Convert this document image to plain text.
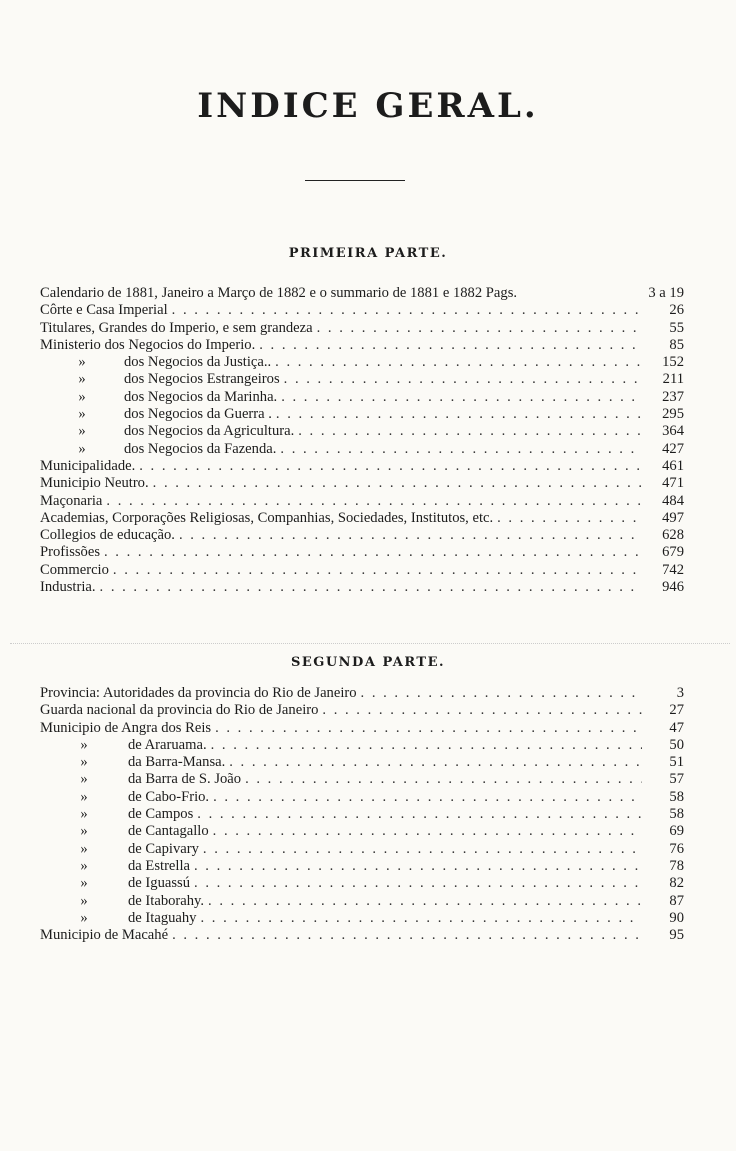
INDICE GERAL.
PRIMEIRA PARTE.
Calendario de 1881, Janeiro a Março de 1882 e o summario de 1881 e 1882 Pags.	3 a 19
Côrte e Casa Imperial . . .	26
Titulares, Grandes do Imperio, e sem grandeza . . .	55
Ministerio dos Negocios do Imperio. . . .	85
»	dos Negocios da Justiça.. . . .	152
»	dos Negocios Estrangeiros . . .	211
»	dos Negocios da Marinha. . . .	237
»	dos Negocios da Guerra . . . .	295
»	dos Negocios da Agricultura. . . .	364
»	dos Negocios da Fazenda. . . .	427
Municipalidade. . . .	461
Municipio Neutro. . . .	471
Maçonaria . . .	484
Academias, Corporações Religiosas, Companhias, Sociedades, Institutos, etc. . . .	497
Collegios de educação. . . .	628
Profissões . . .	679
Commercio . . .	742
Industria. . . .	946
SEGUNDA PARTE.
Provincia: Autoridades da provincia do Rio de Janeiro . . .	3
Guarda nacional da provincia do Rio de Janeiro . . .	27
Municipio de Angra dos Reis . . .	47
»	de Araruama. . . .	50
»	da Barra-Mansa. . . .	51
»	da Barra de S. João . . .	57
»	de Cabo-Frio. . . .	58
»	de Campos . . .	58
»	de Cantagallo . . .	69
»	de Capivary . . .	76
»	da Estrella . . .	78
»	de Iguassú . . .	82
»	de Itaborahy. . . .	87
»	de Itaguahy . . .	90
Municipio de Macahé . . .	95
